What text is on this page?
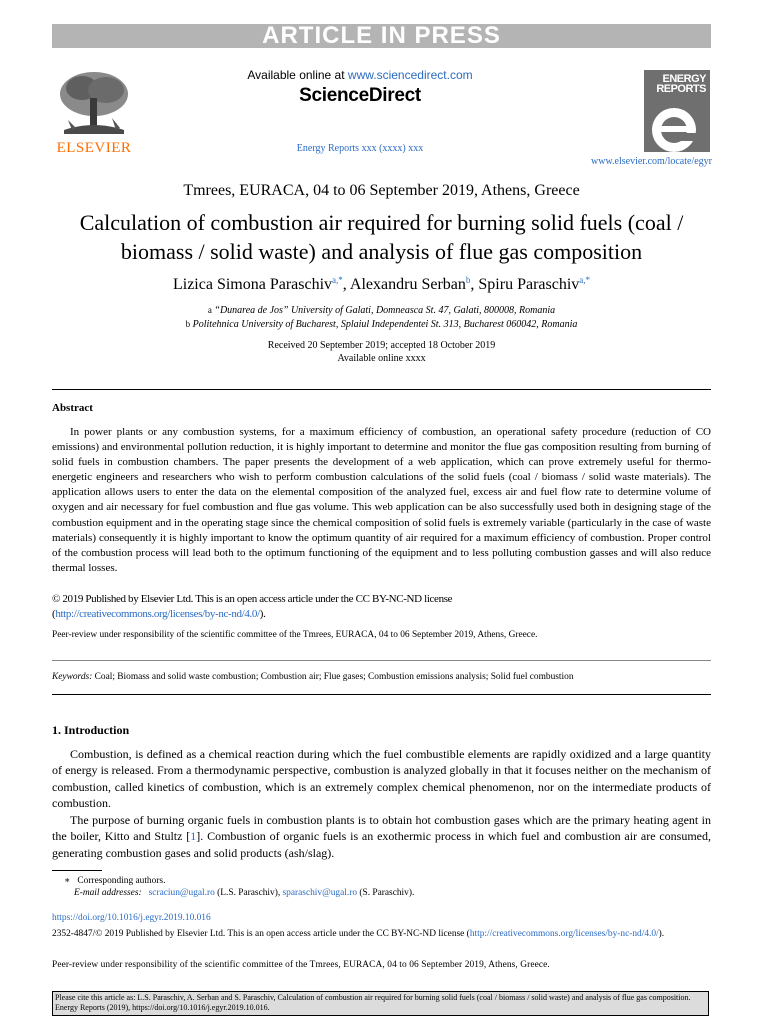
ARTICLE IN PRESS
ELSEVIER
Available online at www.sciencedirect.com
ScienceDirect
Energy Reports xxx (xxxx) xxx
ENERGY
REPORTS
www.elsevier.com/locate/egyr
Tmrees, EURACA, 04 to 06 September 2019, Athens, Greece
Calculation of combustion air required for burning solid fuels (coal /
biomass / solid waste) and analysis of flue gas composition
Lizica Simona Paraschiv$^{a,*}$, Alexandru Serban$^b$, Spiru Paraschiv$^{a,*}$
$^a$ “Dunarea de Jos” University of Galati, Domneasca St. 47, Galati, 800008, Romania
$^b$ Politehnica University of Bucharest, Splaiul Independentei St. 313, Bucharest 060042, Romania
Received 20 September 2019; accepted 18 October 2019
Available online xxxx
Abstract
In power plants or any combustion systems, for a maximum efficiency of combustion, an operational safety procedure (reduction of CO emissions) and environmental pollution reduction, it is highly important to determine and monitor the flue gas composition resulting from burning of solid fuels in combustion chambers. The paper presents the development of a web application, which can prove extremely useful for thermo-energetic engineers and researchers who wish to perform combustion calculations of the solid fuels (coal / biomass / solid waste materials). The application allows users to enter the data on the elemental composition of the analyzed fuel, excess air and fuel flow rate to determine volume of oxygen and air necessary for fuel combustion and flue gas volume. This web application can be also successfully used both in designing stage of the combustion equipment and in the operating stage since the chemical composition of solid fuels is extremely variable (particularly in the case of waste materials) consequently it is highly important to know the optimum quantity of air required for a maximum efficiency of combustion. Proper control of the combustion process will lead both to the optimum functioning of the equipment and to less polluting combustion gasses and will also reduce thermal losses.
© 2019 Published by Elsevier Ltd. This is an open access article under the CC BY-NC-ND license
(http://creativecommons.org/licenses/by-nc-nd/4.0/).
Peer-review under responsibility of the scientific committee of the Tmrees, EURACA, 04 to 06 September 2019, Athens, Greece.
Keywords: Coal; Biomass and solid waste combustion; Combustion air; Flue gases; Combustion emissions analysis; Solid fuel combustion
1. Introduction
Combustion, is defined as a chemical reaction during which the fuel combustible elements are rapidly oxidized and a large quantity of energy is released. From a thermodynamic perspective, combustion is analyzed globally in that it focuses neither on the mechanism of combustion, called kinetics of combustion, which is an extremely complex chemical phenomenon, nor on the intermediate products of combustion.
The purpose of burning organic fuels in combustion plants is to obtain hot combustion gases which are the primary heating agent in the boiler, Kitto and Stultz [1]. Combustion of organic fuels is an exothermic process in which fuel and combustion air are consumed, generating combustion gases and solid products (ash/slag).
∗ Corresponding authors.
E-mail addresses: scraciun@ugal.ro (L.S. Paraschiv), sparaschiv@ugal.ro (S. Paraschiv).
https://doi.org/10.1016/j.egyr.2019.10.016
2352-4847/© 2019 Published by Elsevier Ltd. This is an open access article under the CC BY-NC-ND license (http://creativecommons.org/licenses/by-nc-nd/4.0/).
Peer-review under responsibility of the scientific committee of the Tmrees, EURACA, 04 to 06 September 2019, Athens, Greece.
Please cite this article as: L.S. Paraschiv, A. Serban and S. Paraschiv, Calculation of combustion air required for burning solid fuels (coal / biomass / solid waste) and analysis of flue gas composition. Energy Reports (2019), https://doi.org/10.1016/j.egyr.2019.10.016.
